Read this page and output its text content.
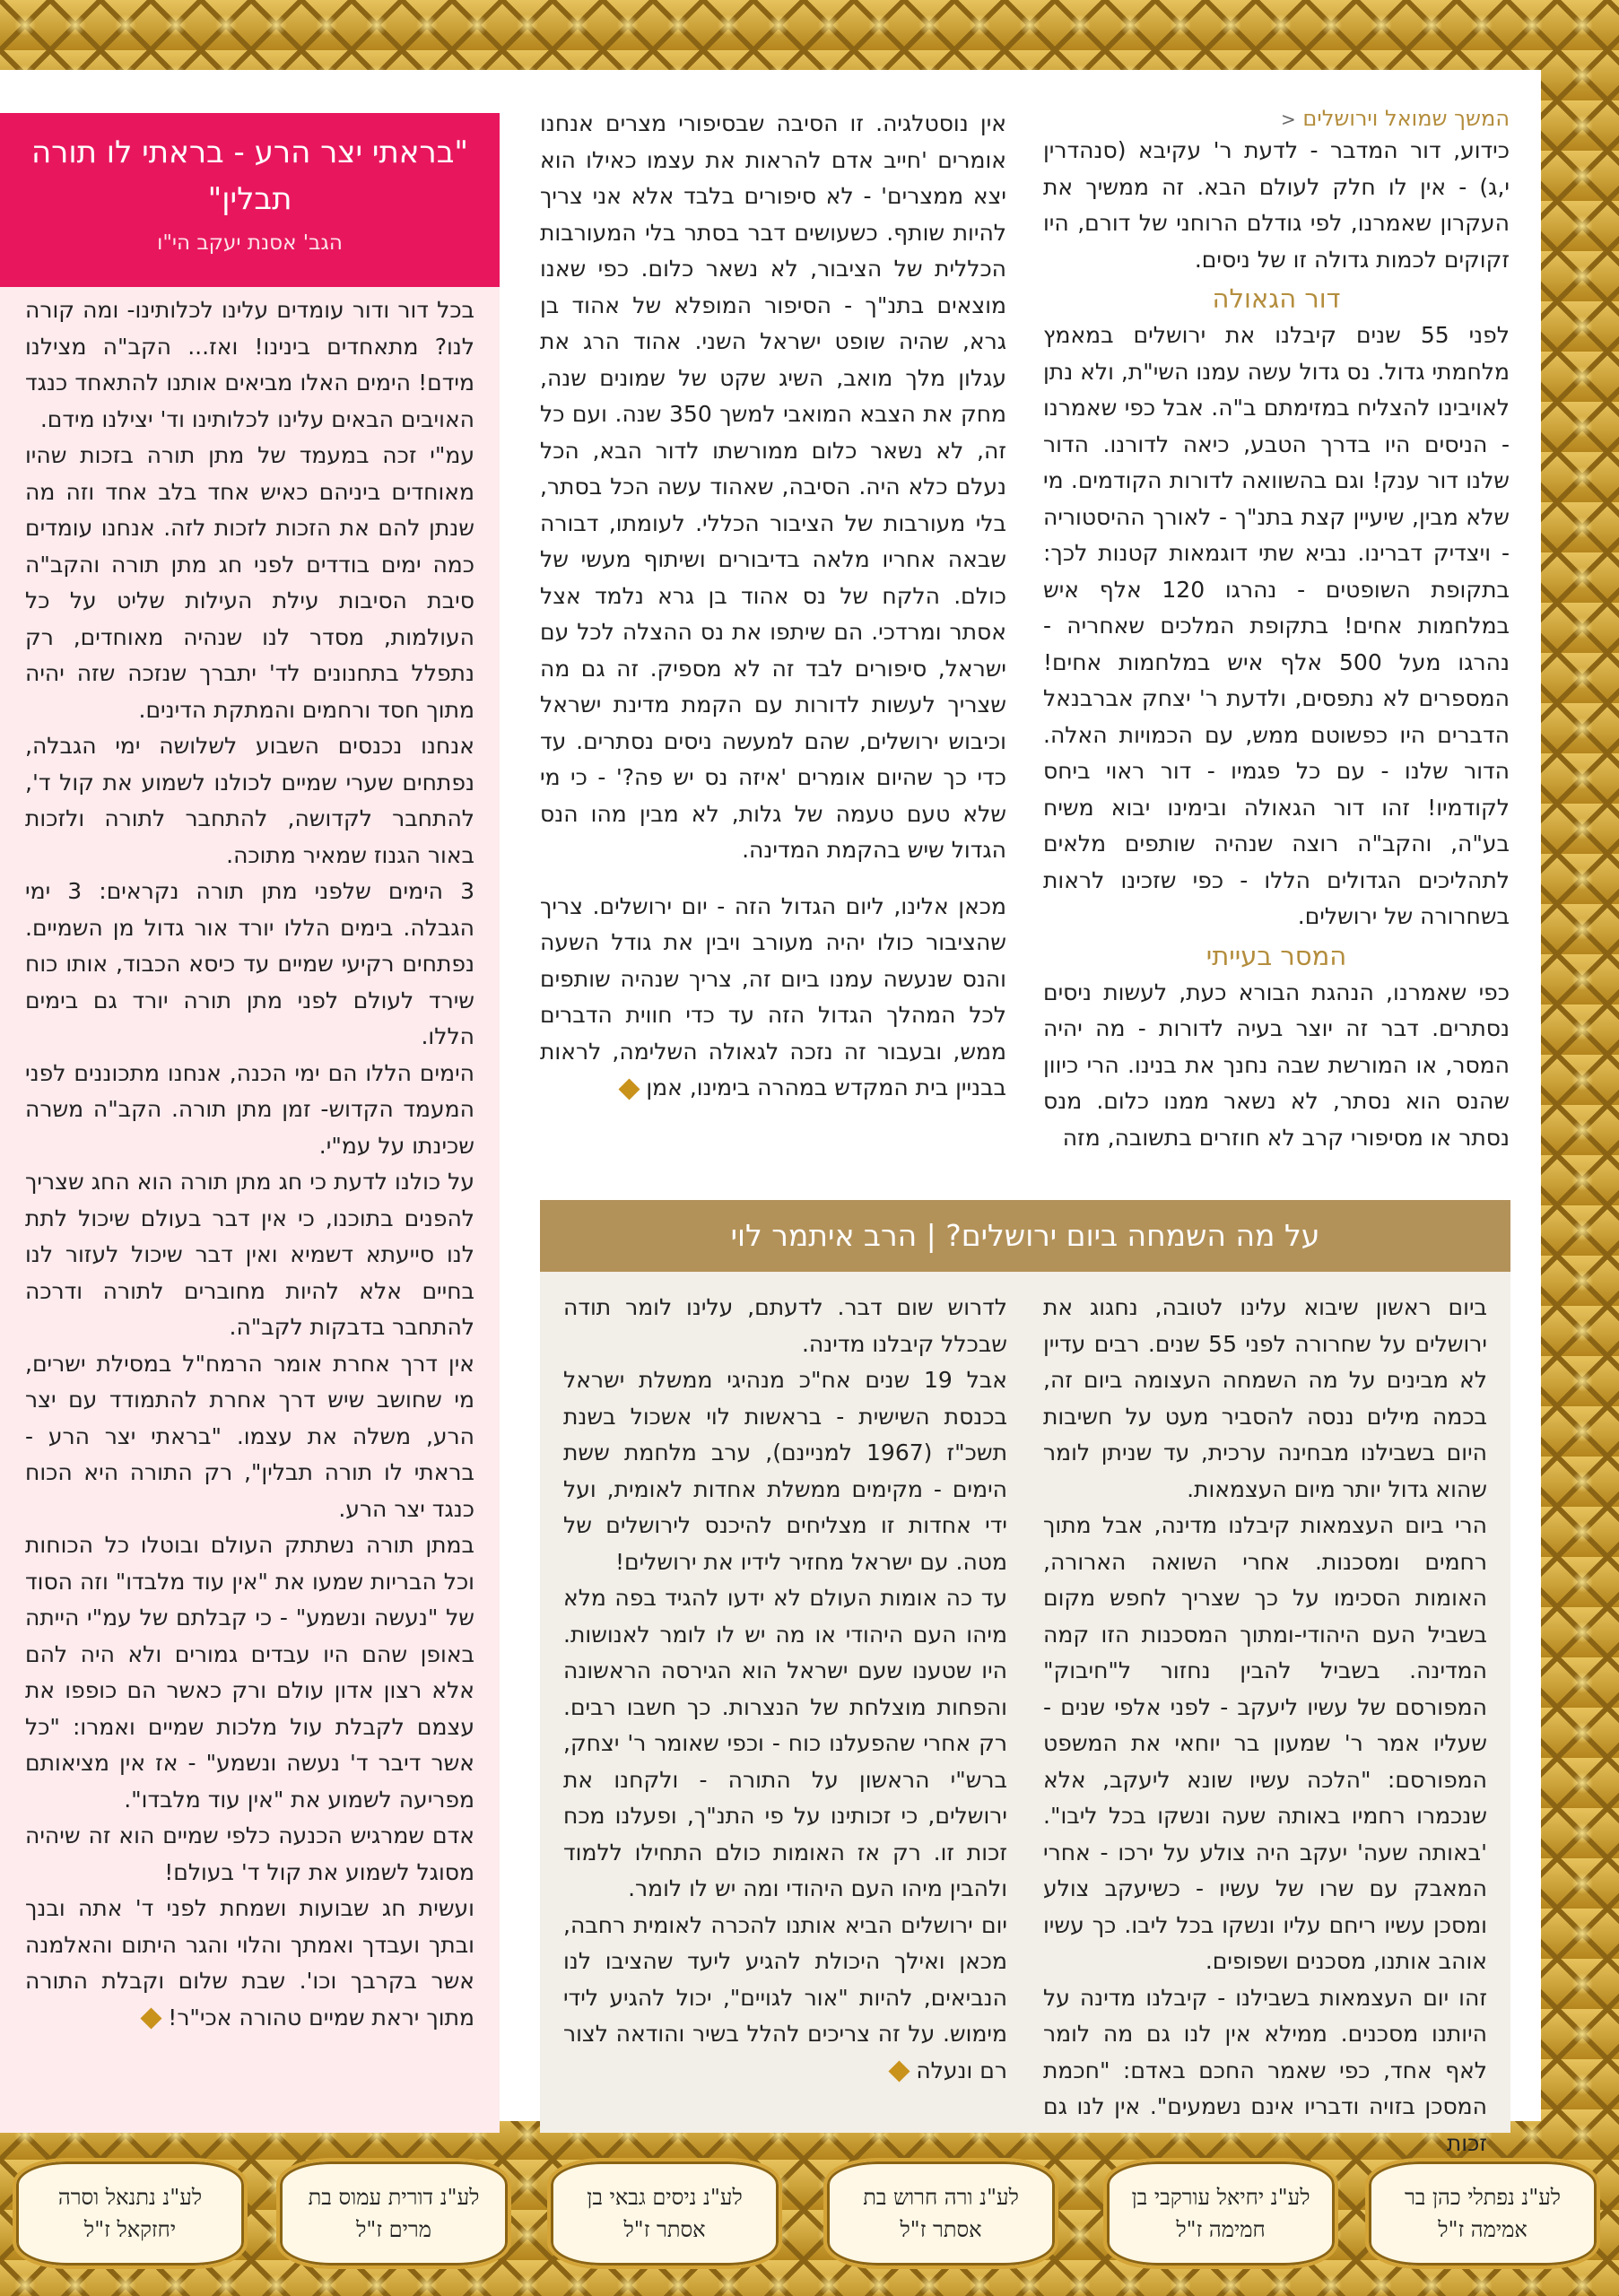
המשך שמואל וירושלים <
כידוע, דור המדבר - לדעת ר' עקיבא (סנהדרין י,ג) - אין לו חלק לעולם הבא. זה ממשיך את העקרון שאמרנו, לפי גודלם הרוחני של דורם, היו זקוקים לכמות גדולה זו של ניסים.
דור הגאולה
לפני 55 שנים קיבלנו את ירושלים במאמץ מלחמתי גדול. נס גדול עשה עמנו השי"ת, ולא נתן לאויבינו להצליח במזימתם ב"ה. אבל כפי שאמרנו - הניסים היו בדרך הטבע, כיאה לדורנו. הדור שלנו דור ענק! וגם בהשוואה לדורות הקודמים. מי שלא מבין, שיעיין קצת בתנ"ך - לאורך ההיסטוריה - ויצדיק דברינו. נביא שתי דוגמאות קטנות לכך: בתקופת השופטים - נהרגו 120 אלף איש במלחמות אחים! בתקופת המלכים שאחריה - נהרגו מעל 500 אלף איש במלחמות אחים! המספרים לא נתפסים, ולדעת ר' יצחק אברבנאל הדברים היו כפשוטם ממש, עם הכמויות האלה. הדור שלנו - עם כל פגמיו - דור ראוי ביחס לקודמיו! זהו דור הגאולה ובימינו יבוא משיח בע"ה, והקב"ה רוצה שנהיה שותפים מלאים לתהליכים הגדולים הללו - כפי שזכינו לראות בשחרורה של ירושלים.
המסר בעייתי
כפי שאמרנו, הנהגת הבורא כעת, לעשות ניסים נסתרים. דבר זה יוצר בעיה לדורות - מה יהיה המסר, או המורשת שבה נחנך את בנינו. הרי כיוון שהנס הוא נסתר, לא נשאר ממנו כלום. מנס נסתר או מסיפורי קרב לא חוזרים בתשובה, מזה
אין נוסטלגיה. זו הסיבה שבסיפורי מצרים אנחנו אומרים 'חייב אדם להראות את עצמו כאילו הוא יצא ממצרים' - לא סיפורים בלבד אלא אני צריך להיות שותף. כשעושים דבר בסתר בלי המעורבות הכללית של הציבור, לא נשאר כלום. כפי שאנו מוצאים בתנ"ך - הסיפור המופלא של אהוד בן גרא, שהיה שופט ישראל השני. אהוד הרג את עגלון מלך מואב, השיג שקט של שמונים שנה, מחק את הצבא המואבי למשך 350 שנה. ועם כל זה, לא נשאר כלום ממורשתו לדור הבא, הכל נעלם כלא היה. הסיבה, שאהוד עשה הכל בסתר, בלי מעורבות של הציבור הכללי. לעומתו, דבורה שבאה אחריו מלאה בדיבורים ושיתוף מעשי של כולם. הלקח של נס אהוד בן גרא נלמד אצל אסתר ומרדכי. הם שיתפו את נס ההצלה לכל עם ישראל, סיפורים לבד זה לא מספיק. זה גם מה שצריך לעשות לדורות עם הקמת מדינת ישראל וכיבוש ירושלים, שהם למעשה ניסים נסתרים. עד כדי כך שהיום אומרים 'איזה נס יש פה?' - כי מי שלא טעם טעמה של גלות, לא מבין מהו הנס הגדול שיש בהקמת המדינה.
מכאן אלינו, ליום הגדול הזה - יום ירושלים. צריך שהציבור כולו יהיה מעורב ויבין את גודל השעה והנס שנעשה עמנו ביום זה, צריך שנהיה שותפים לכל המהלך הגדול הזה עד כדי חווית הדברים ממש, ובעבור זה נזכה לגאולה השלימה, לראות בבניין בית המקדש במהרה בימינו, אמן
"בראתי יצר הרע - בראתי לו תורה תבלין"
הגב' אסנת יעקב הי"ו
בכל דור ודור עומדים עלינו לכלותינו- ומה קורה לנו? מתאחדים בינינו! ואז... הקב"ה מצילנו מידם! הימים האלו מביאים אותנו להתאחד כנגד האויבים הבאים עלינו לכלותינו וד' יצילנו מידם.
עמ"י זכה במעמד של מתן תורה בזכות שהיו מאוחדים ביניהם כאיש אחד בלב אחד וזה מה שנתן להם את הזכות לזכות לזה. אנחנו עומדים כמה ימים בודדים לפני חג מתן תורה והקב"ה סיבת הסיבות עילת העילות שליט על כל העולמות, מסדר לנו שנהיה מאוחדים, רק נתפלל בתחנונים לד' יתברך שנזכה שזה יהיה מתוך חסד ורחמים והמתקת הדינים.
אנחנו נכנסים השבוע לשלושה ימי הגבלה, נפתחים שערי שמיים לכולנו לשמוע את קול ד', להתחבר לקדושה, להתחבר לתורה ולזכות באור הגנוז שמאיר מתוכה.
3 הימים שלפני מתן תורה נקראים: 3 ימי הגבלה. בימים הללו יורד אור גדול מן השמיים. נפתחים רקיעי שמיים עד כיסא הכבוד, אותו כוח שירד לעולם לפני מתן תורה יורד גם בימים הללו.
הימים הללו הם ימי הכנה, אנחנו מתכוננים לפני המעמד הקדוש- זמן מתן תורה. הקב"ה משרה שכינתו על עמ"י.
על כולנו לדעת כי חג מתן תורה הוא החג שצריך להפנים בתוכנו, כי אין דבר בעולם שיכול לתת לנו סייעתא דשמיא ואין דבר שיכול לעזור לנו בחיים אלא להיות מחוברים לתורה ודרכה להתחבר בדבקות לקב"ה.
אין דרך אחרת אומר הרמח"ל במסילת ישרים, מי שחושב שיש דרך אחרת להתמודד עם יצר הרע, משלה את עצמו. "בראתי יצר הרע - בראתי לו תורה תבלין", רק התורה היא הכוח כנגד יצר הרע.
במתן תורה נשתתק העולם ובוטלו כל הכוחות וכל הבריות שמעו את "אין עוד מלבדו" וזה הסוד של "נעשה ונשמע" - כי קבלתם של עמ"י הייתה באופן שהם היו עבדים גמורים ולא היה להם אלא רצון אדון עולם ורק כאשר הם כופפו את עצמם לקבלת עול מלכות שמיים ואמרו: "כל אשר דיבר ד' נעשה ונשמע" - אז אין מציאותם מפריעה לשמוע את "אין עוד מלבדו".
אדם שמרגיש הכנעה כלפי שמיים הוא זה שיהיה מסוגל לשמוע את קול ד' בעולם!
ועשית חג שבועות ושמחת לפני ד' אתה ובנך ובתך ועבדך ואמתך והלוי והגר היתום והאלמנה אשר בקרבך וכו'. שבת שלום וקבלת התורה מתוך יראת שמיים טהורה אכי"ר!
על מה השמחה ביום ירושלים? | הרב איתמר לוי
ביום ראשון שיבוא עלינו לטובה, נחגוג את ירושלים על שחרורה לפני 55 שנים. רבים עדיין לא מבינים על מה השמחה העצומה ביום זה, בכמה מילים ננסה להסביר מעט על חשיבות היום בשבילנו מבחינה ערכית, עד שניתן לומר שהוא גדול יותר מיום העצמאות.
הרי ביום העצמאות קיבלנו מדינה, אבל מתוך רחמים ומסכנות. אחרי השואה הארורה, האומות הסכימו על כך שצריך לחפש מקום בשביל העם היהודי-ומתוך המסכנות הזו קמה המדינה. בשביל להבין נחזור ל"חיבוק" המפורסם של עשיו ליעקב - לפני אלפי שנים - שעליו אמר ר' שמעון בר יוחאי את המשפט המפורסם: "הלכה עשיו שונא ליעקב, אלא שנכמרו רחמיו באותה שעה ונשקו בכל ליבו". 'באותה שעה' יעקב היה צולע על ירכו - אחרי המאבק עם שרו של עשיו - כשיעקב צולע ומסכן עשיו ריחם עליו ונשקו בכל ליבו. כך עשיו אוהב אותנו, מסכנים ושפופים.
זהו יום העצמאות בשבילנו - קיבלנו מדינה על היותנו מסכנים. ממילא אין לנו גם מה לומר לאף אחד, כפי שאמר החכם באדם: "חכמת המסכן בזויה ודבריו אינם נשמעים". אין לנו גם זכות
לדרוש שום דבר. לדעתם, עלינו לומר תודה שבכלל קיבלנו מדינה.
אבל 19 שנים אח"כ מנהיגי ממשלת ישראל בכנסת השישית - בראשות לוי אשכול בשנת תשכ"ז (1967 למניינם), ערב מלחמת ששת הימים - מקימים ממשלת אחדות לאומית, ועל ידי אחדות זו מצליחים להיכנס לירושלים של מטה. עם ישראל מחזיר לידיו את ירושלים!
עד כה אומות העולם לא ידעו להגיד בפה מלא מיהו העם היהודי או מה יש לו לומר לאנושות. היו שטענו שעם ישראל הוא הגירסה הראשונה והפחות מוצלחת של הנצרות. כך חשבו רבים. רק אחרי שהפעלנו כוח - וכפי שאומר ר' יצחק, ברש"י הראשון על התורה - ולקחנו את ירושלים, כי זכותינו על פי התנ"ך, ופעלנו מכח זכות זו. רק אז האומות כולם התחילו ללמוד ולהבין מיהו העם היהודי ומה יש לו לומר.
יום ירושלים הביא אותנו להכרה לאומית רחבה, מכאן ואילך היכולת להגיע ליעד שהציבו לנו הנביאים, להיות "אור לגויים", יכול להגיע לידי מימוש. על זה צריכים להלל בשיר והודאה לצור רם ונעלה
לע"נ נפתלי כהן בר אמימה ז"ל
לע"נ יחיאל עורקבי בן חמימה ז"ל
לע"נ ורה חרוש בת אסתר ז"ל
לע"נ ניסים גבאי בן אסתר ז"ל
לע"נ דורית עמוס בת מרים ז"ל
לע"נ נתנאל וסרה יחזקאל ז"ל
